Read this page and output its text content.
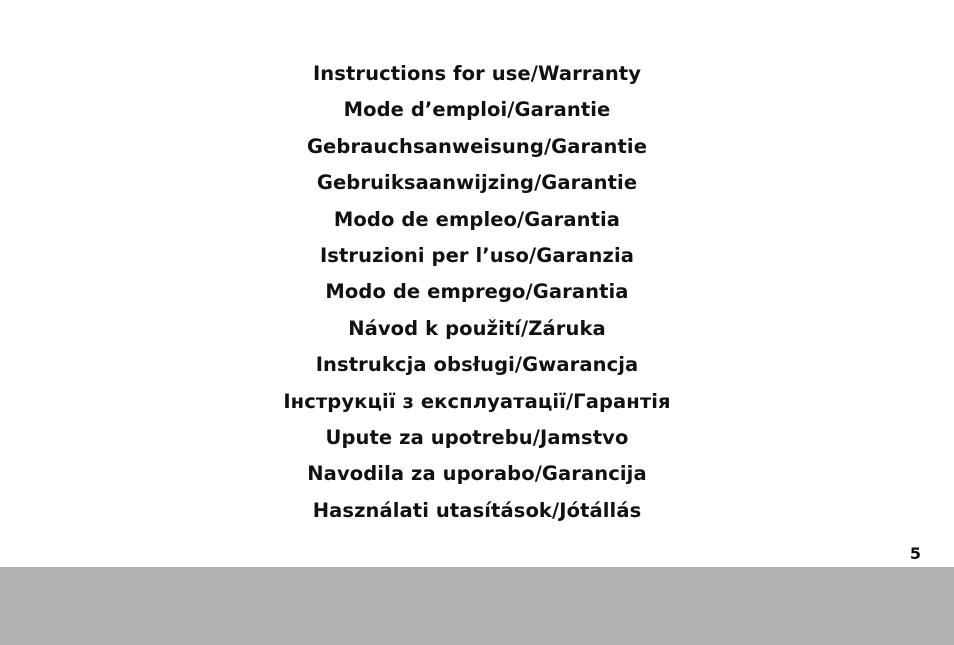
Instructions for use/Warranty
Mode d’emploi/Garantie
Gebrauchsanweisung/Garantie
Gebruiksaanwijzing/Garantie
Modo de empleo/Garantia
Istruzioni per l’uso/Garanzia
Modo de emprego/Garantia
Návod k použití/Záruka
Instrukcja obsługi/Gwarancja
Інструкції з експлуатації/Гарантія
Upute za upotrebu/Jamstvo
Navodila za uporabo/Garancija
Használati utasítások/Jótállás
5
